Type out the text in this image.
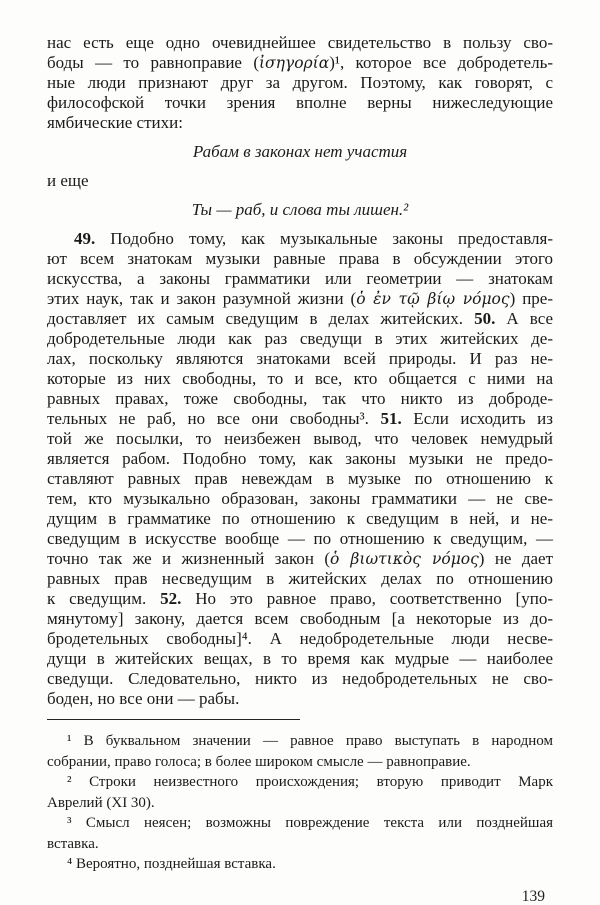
нас есть еще одно очевиднейшее свидетельство в пользу сво-
боды — то равноправие (ἰσηγορία)¹, которое все добродетель-
ные люди признают друг за другом. Поэтому, как говорят, с
философской точки зрения вполне верны нижеследующие
ямбические стихи:
Рабам в законах нет участия
и еще
Ты — раб, и слова ты лишен.²
49. Подобно тому, как музыкальные законы предоставля-
ют всем знатокам музыки равные права в обсуждении этого
искусства, а законы грамматики или геометрии — знатокам
этих наук, так и закон разумной жизни (ὁ ἐν τῷ βίῳ νόμος) пре-
доставляет их самым сведущим в делах житейских. 50. А все
добродетельные люди как раз сведущи в этих житейских де-
лах, поскольку являются знатоками всей природы. И раз не-
которые из них свободны, то и все, кто общается с ними на
равных правах, тоже свободны, так что никто из доброде-
тельных не раб, но все они свободны³. 51. Если исходить из
той же посылки, то неизбежен вывод, что человек немудрый
является рабом. Подобно тому, как законы музыки не предо-
ставляют равных прав невеждам в музыке по отношению к
тем, кто музыкально образован, законы грамматики — не све-
дущим в грамматике по отношению к сведущим в ней, и не-
сведущим в искусстве вообще — по отношению к сведущим, —
точно так же и жизненный закон (ὁ βιωτικὸς νόμος) не дает
равных прав несведущим в житейских делах по отношению
к сведущим. 52. Но это равное право, соответственно [упо-
мянутому] закону, дается всем свободным [а некоторые из до-
бродетельных свободны]⁴. А недобродетельные люди несве-
дущи в житейских вещах, в то время как мудрые — наиболее
сведущи. Следовательно, никто из недобродетельных не сво-
боден, но все они — рабы.
¹ В буквальном значении — равное право выступать в народном
собрании, право голоса; в более широком смысле — равноправие.
² Строки неизвестного происхождения; вторую приводит Марк
Аврелий (XI 30).
³ Смысл неясен; возможны повреждение текста или позднейшая
вставка.
⁴ Вероятно, позднейшая вставка.
139
